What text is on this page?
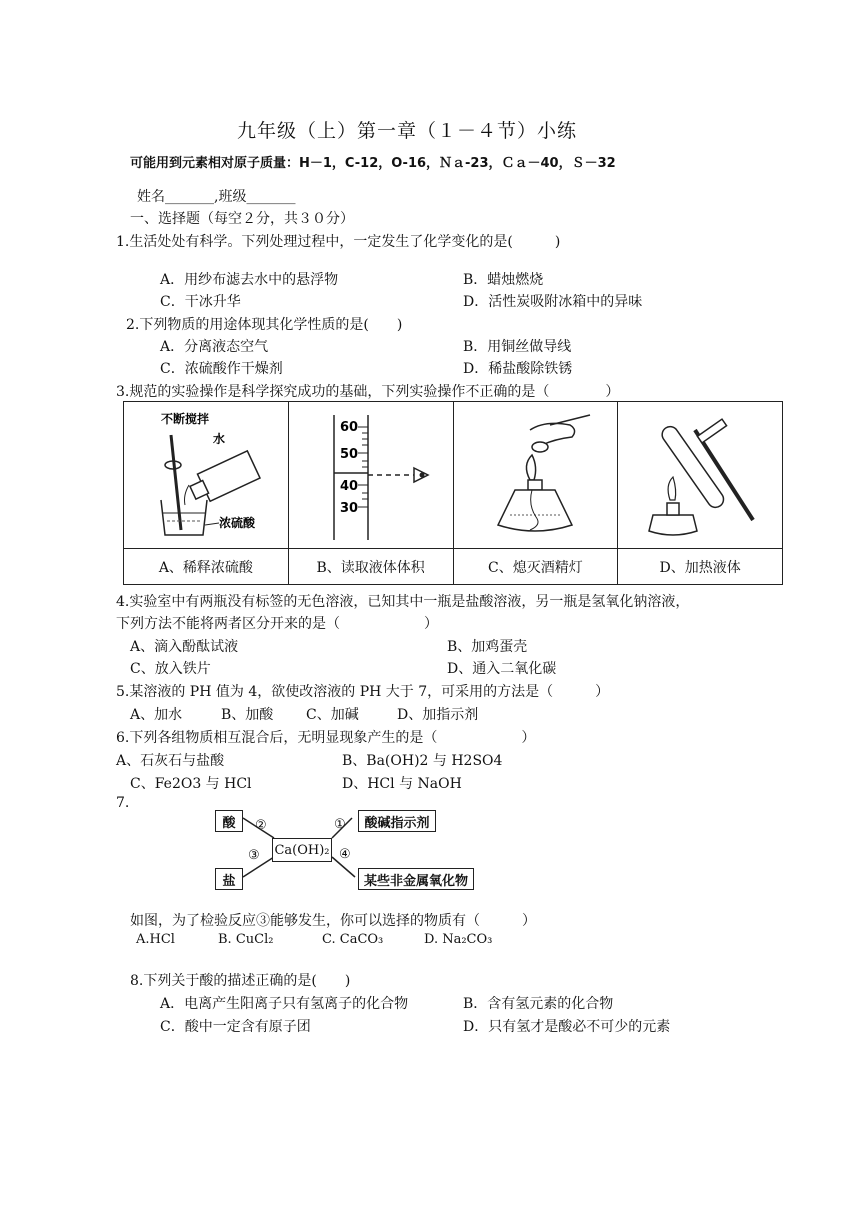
九年级（上）第一章（１－４节）小练
可能用到元素相对原子质量：H－1，C-12，O-16，Ｎａ-23，Ｃａ－40，Ｓ－32
姓名_______,班级_______
一、选择题（每空２分，共３０分）
1.生活处处有科学。下列处理过程中，一定发生了化学变化的是(　　　)
A．用纱布滤去水中的悬浮物	B．蜡烛燃烧
C．干冰升华	D．活性炭吸附冰箱中的异味
2.下列物质的用途体现其化学性质的是(　　)
A．分离液态空气	B．用铜丝做导线
C．浓硫酸作干燥剂	D．稀盐酸除铁锈
3.规范的实验操作是科学探究成功的基础，下列实验操作不正确的是（　　　　）
不断搅拌
水
浓硫酸	60
50
40
30

A、稀释浓硫酸	B、读取液体体积	C、熄灭酒精灯	D、加热液体
4.实验室中有两瓶没有标签的无色溶液，已知其中一瓶是盐酸溶液，另一瓶是氢氧化钠溶液，
下列方法不能将两者区分开来的是（　　　　　　）
A、滴入酚酞试液	B、加鸡蛋壳
C、放入铁片	D、通入二氧化碳
5.某溶液的 PH 值为 4，欲使改溶液的 PH 大于 7，可采用的方法是（　　　）
A、加水	B、加酸 C、加碱	D、加指示剂
6.下列各组物质相互混合后，无明显现象产生的是（　　　　　　）
A、石灰石与盐酸	B、Ba(OH)2 与 H2SO4
C、Fe2O3 与 HCl	D、HCl 与 NaOH
7.
酸
盐
Ca(OH)₂
酸碱指示剂
某些非金属氧化物
②	①
③	④
如图，为了检验反应③能够发生，你可以选择的物质有（　　　）
A.HCl	B. CuCl₂	C. CaCO₃	D. Na₂CO₃
8.下列关于酸的描述正确的是(　　)
A．电离产生阳离子只有氢离子的化合物	B．含有氢元素的化合物
C．酸中一定含有原子团	D．只有氢才是酸必不可少的元素
